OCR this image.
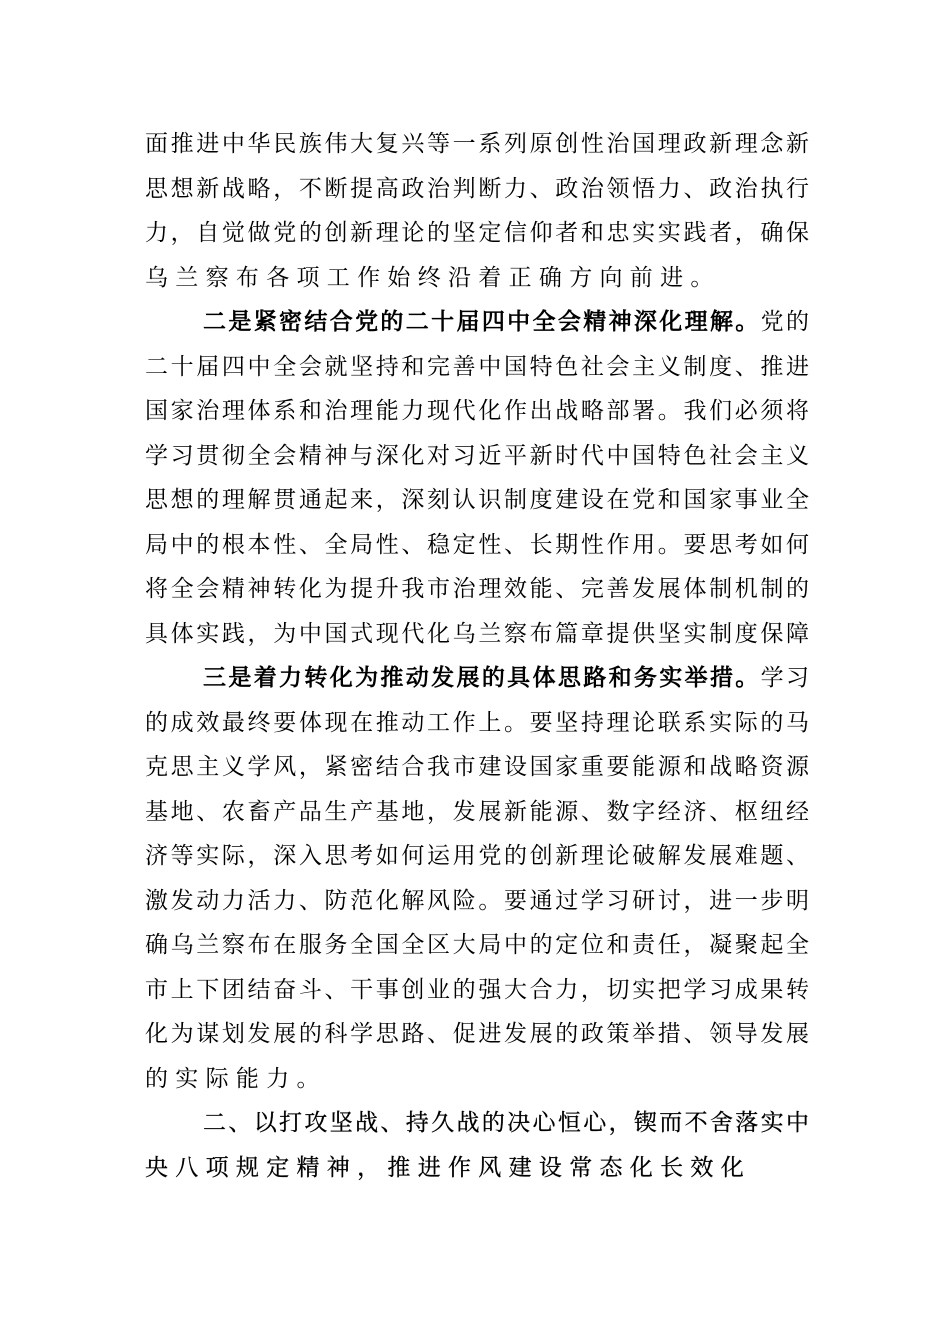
面推进中华民族伟大复兴等一系列原创性治国理政新理念新
思想新战略，不断提高政治判断力、政治领悟力、政治执行
力，自觉做党的创新理论的坚定信仰者和忠实实践者，确保
乌兰察布各项工作始终沿着正确方向前进。
二是紧密结合党的二十届四中全会精神深化理解。党的
二十届四中全会就坚持和完善中国特色社会主义制度、推进
国家治理体系和治理能力现代化作出战略部署。我们必须将
学习贯彻全会精神与深化对习近平新时代中国特色社会主义
思想的理解贯通起来，深刻认识制度建设在党和国家事业全
局中的根本性、全局性、稳定性、长期性作用。要思考如何
将全会精神转化为提升我市治理效能、完善发展体制机制的
具体实践，为中国式现代化乌兰察布篇章提供坚实制度保障
三是着力转化为推动发展的具体思路和务实举措。学习
的成效最终要体现在推动工作上。要坚持理论联系实际的马
克思主义学风，紧密结合我市建设国家重要能源和战略资源
基地、农畜产品生产基地，发展新能源、数字经济、枢纽经
济等实际，深入思考如何运用党的创新理论破解发展难题、
激发动力活力、防范化解风险。要通过学习研讨，进一步明
确乌兰察布在服务全国全区大局中的定位和责任，凝聚起全
市上下团结奋斗、干事创业的强大合力，切实把学习成果转
化为谋划发展的科学思路、促进发展的政策举措、领导发展
的实际能力。
二、以打攻坚战、持久战的决心恒心，锲而不舍落实中
央八项规定精神，推进作风建设常态化长效化
